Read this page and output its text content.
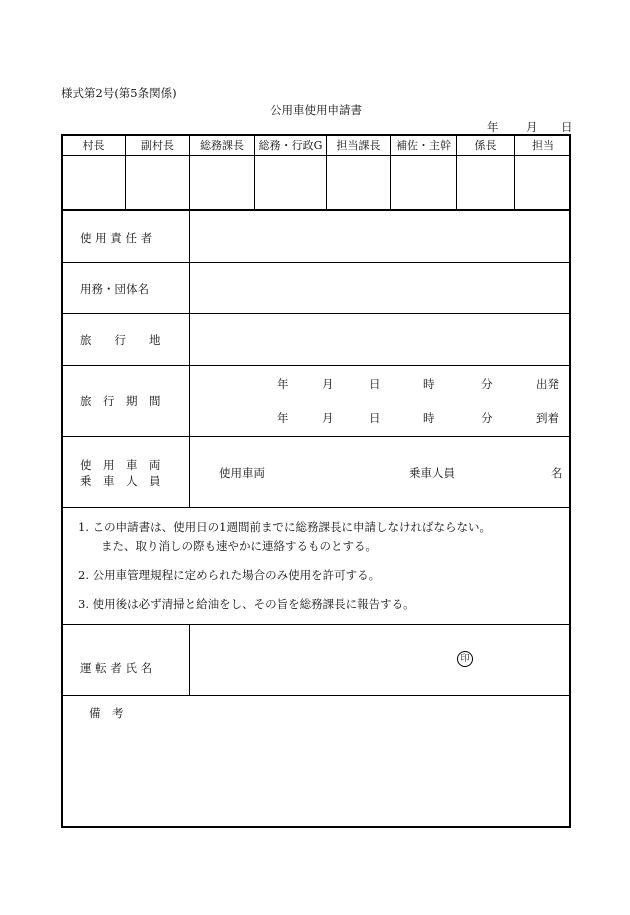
様式第2号(第5条関係)
公用車使用申請書
年 月 日
村長	副村長	総務課長	総務・行政G	担当課長	補佐・主幹	係長	担当
使 用 責 任 者
用務・団体名
旅　　行　　地
旅　行　期　間
年	月	日	時	分	出発
年	月	日	時	分	到着
使　用　車　両
乗　車　人　員
使用車両	乗車人員	名
1. この申請書は、使用日の1週間前までに総務課長に申請しなければならない。
　　また、取り消しの際も速やかに連絡するものとする。
2. 公用車管理規程に定められた場合のみ使用を許可する。
3. 使用後は必ず清掃と給油をし、その旨を総務課長に報告する。
運 転 者 氏 名
印
備　考
